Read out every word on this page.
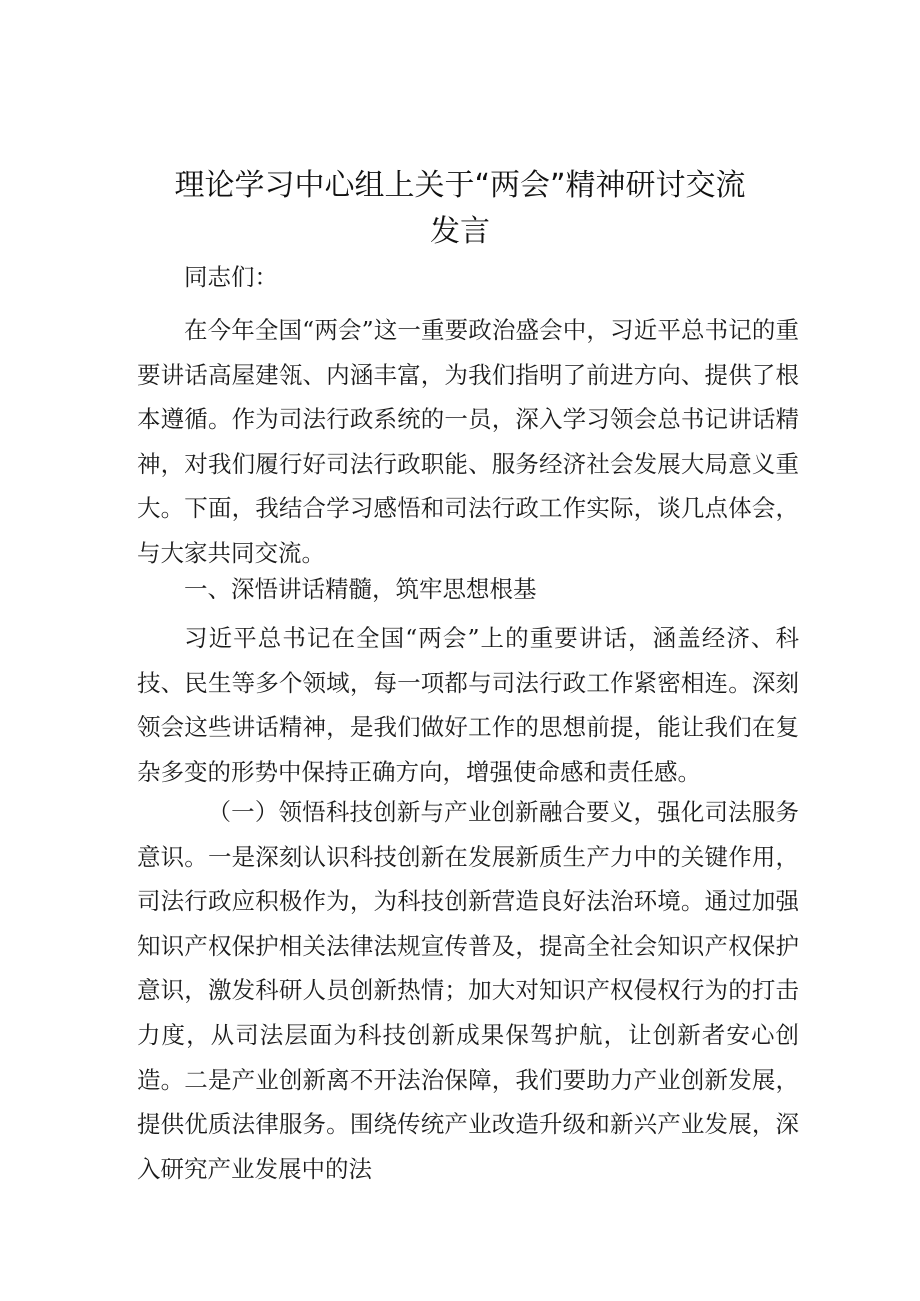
理论学习中心组上关于“两会”精神研讨交流
发言
同志们：

在今年全国“两会”这一重要政治盛会中，习近平总书记的重要讲话高屋建瓴、内涵丰富，为我们指明了前进方向、提供了根本遵循。作为司法行政系统的一员，深入学习领会总书记讲话精神，对我们履行好司法行政职能、服务经济社会发展大局意义重大。下面，我结合学习感悟和司法行政工作实际，谈几点体会，与大家共同交流。

一、深悟讲话精髓，筑牢思想根基

习近平总书记在全国“两会”上的重要讲话，涵盖经济、科技、民生等多个领域，每一项都与司法行政工作紧密相连。深刻领会这些讲话精神，是我们做好工作的思想前提，能让我们在复杂多变的形势中保持正确方向，增强使命感和责任感。

（一）领悟科技创新与产业创新融合要义，强化司法服务意识。一是深刻认识科技创新在发展新质生产力中的关键作用，司法行政应积极作为，为科技创新营造良好法治环境。通过加强知识产权保护相关法律法规宣传普及，提高全社会知识产权保护意识，激发科研人员创新热情；加大对知识产权侵权行为的打击力度，从司法层面为科技创新成果保驾护航，让创新者安心创造。二是产业创新离不开法治保障，我们要助力产业创新发展，提供优质法律服务。围绕传统产业改造升级和新兴产业发展，深入研究产业发展中的法
